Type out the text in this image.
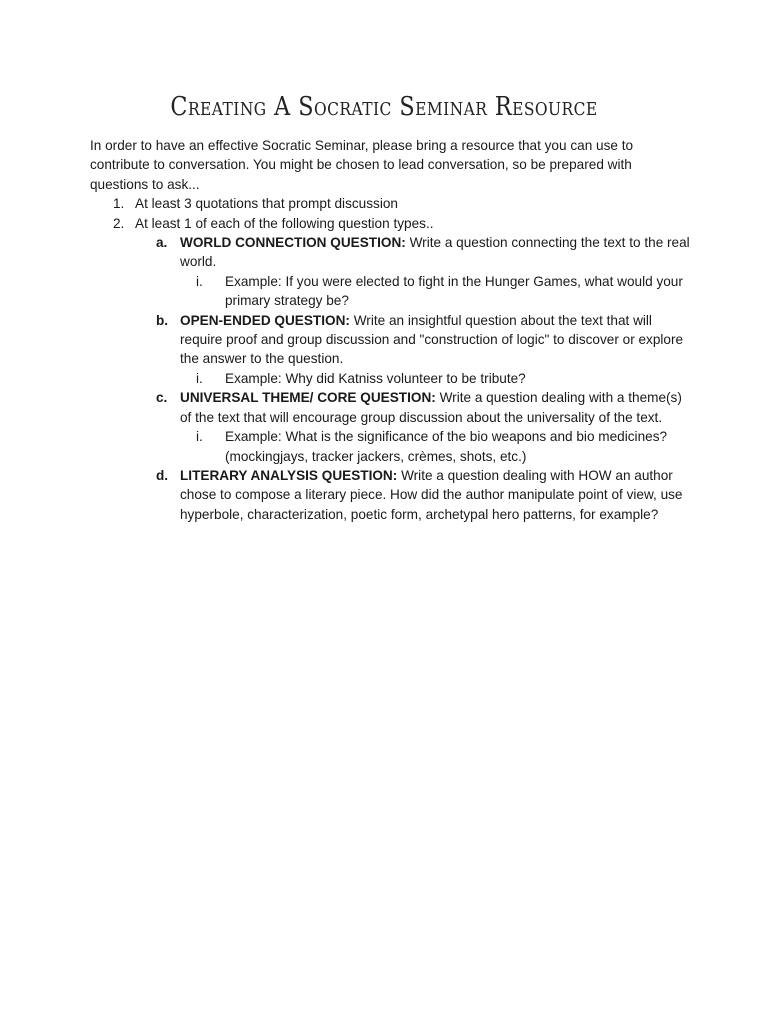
Creating A Socratic Seminar Resource

In order to have an effective Socratic Seminar, please bring a resource that you can use to contribute to conversation. You might be chosen to lead conversation, so be prepared with questions to ask...

1. At least 3 quotations that prompt discussion
2. At least 1 of each of the following question types..
a. WORLD CONNECTION QUESTION: Write a question connecting the text to the real world.
i. Example: If you were elected to fight in the Hunger Games, what would your primary strategy be?
b. OPEN-ENDED QUESTION: Write an insightful question about the text that will require proof and group discussion and "construction of logic" to discover or explore the answer to the question.
i. Example: Why did Katniss volunteer to be tribute?
c. UNIVERSAL THEME/ CORE QUESTION: Write a question dealing with a theme(s) of the text that will encourage group discussion about the universality of the text.
i. Example: What is the significance of the bio weapons and bio medicines? (mockingjays, tracker jackers, crèmes, shots, etc.)
d. LITERARY ANALYSIS QUESTION: Write a question dealing with HOW an author chose to compose a literary piece. How did the author manipulate point of view, use hyperbole, characterization, poetic form, archetypal hero patterns, for example?
